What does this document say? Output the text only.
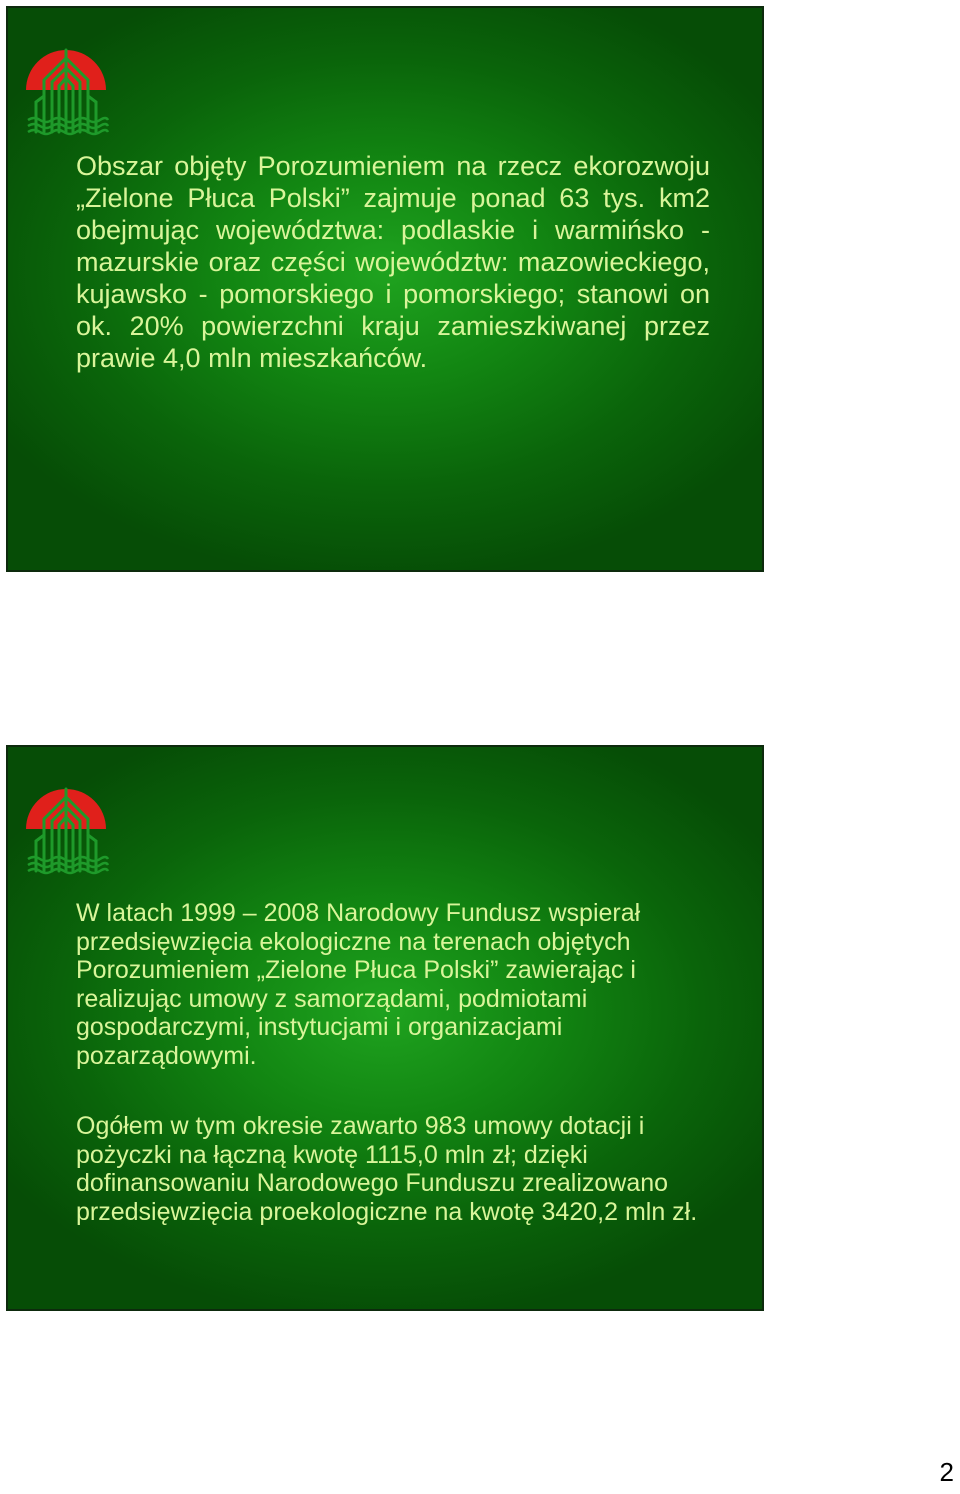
Obszar objęty Porozumieniem na rzecz ekorozwoju „Zielone Płuca Polski” zajmuje ponad 63 tys. km2 obejmując województwa: podlaskie i warmińsko - mazurskie oraz części województw: mazowieckiego, kujawsko - pomorskiego i pomorskiego; stanowi on ok. 20% powierzchni kraju zamieszkiwanej przez prawie 4,0 mln mieszkańców.

W latach 1999 – 2008 Narodowy Fundusz wspierał przedsięwzięcia ekologiczne na terenach objętych Porozumieniem „Zielone Płuca Polski” zawierając i realizując umowy z samorządami, podmiotami gospodarczymi, instytucjami i organizacjami pozarządowymi.

Ogółem w tym okresie zawarto 983 umowy dotacji i pożyczki na łączną kwotę 1115,0 mln zł; dzięki dofinansowaniu Narodowego Funduszu zrealizowano przedsięwzięcia proekologiczne na kwotę 3420,2 mln zł.

2
